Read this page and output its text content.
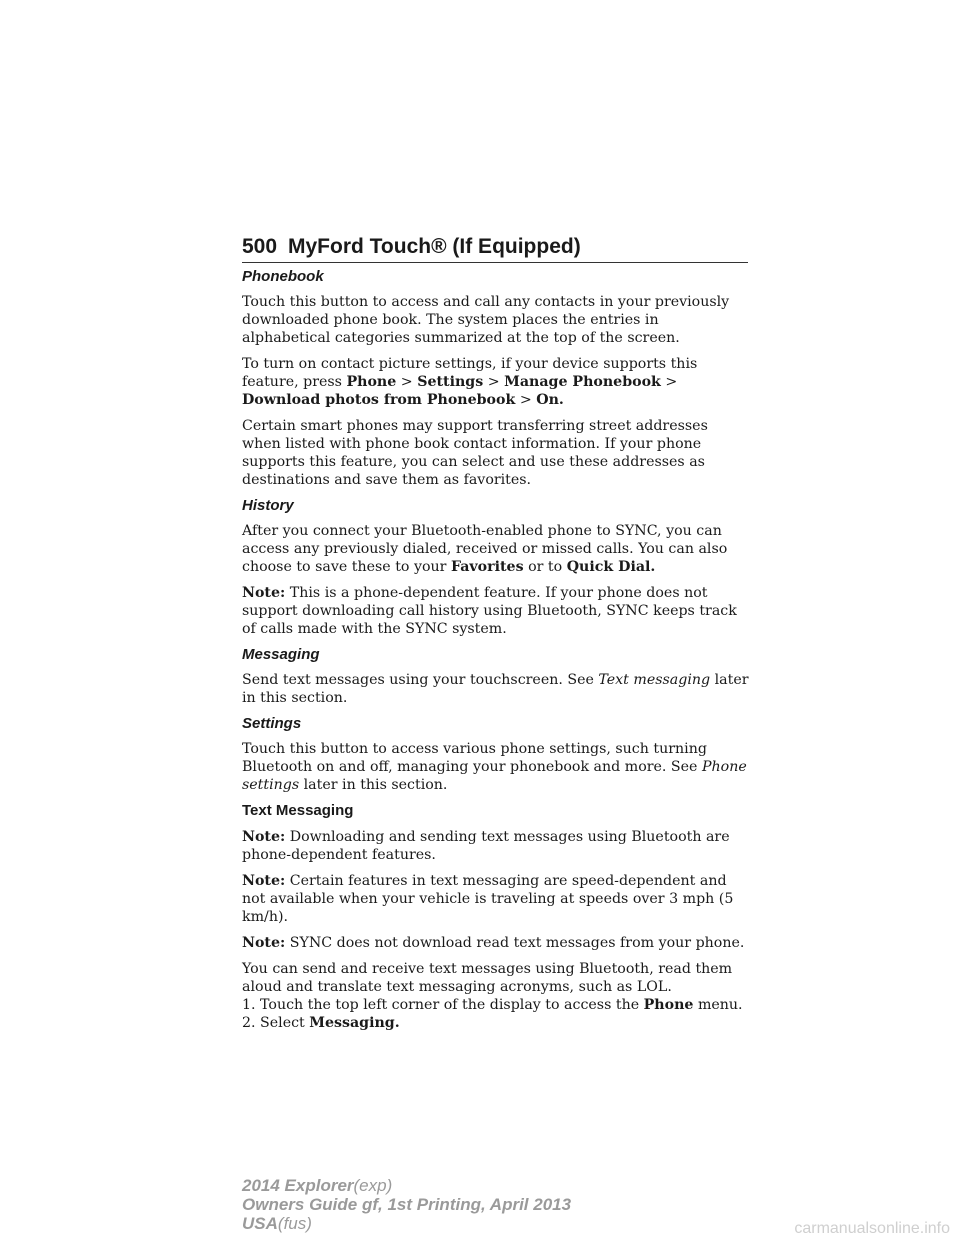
500 MyFord Touch® (If Equipped)
Phonebook

Touch this button to access and call any contacts in your previously downloaded phone book. The system places the entries in alphabetical categories summarized at the top of the screen.

To turn on contact picture settings, if your device supports this feature, press Phone > Settings > Manage Phonebook > Download photos from Phonebook > On.

Certain smart phones may support transferring street addresses when listed with phone book contact information. If your phone supports this feature, you can select and use these addresses as destinations and save them as favorites.

History

After you connect your Bluetooth-enabled phone to SYNC, you can access any previously dialed, received or missed calls. You can also choose to save these to your Favorites or to Quick Dial.

Note: This is a phone-dependent feature. If your phone does not support downloading call history using Bluetooth, SYNC keeps track of calls made with the SYNC system.

Messaging

Send text messages using your touchscreen. See Text messaging later in this section.

Settings

Touch this button to access various phone settings, such turning Bluetooth on and off, managing your phonebook and more. See Phone settings later in this section.

Text Messaging

Note: Downloading and sending text messages using Bluetooth are phone-dependent features.

Note: Certain features in text messaging are speed-dependent and not available when your vehicle is traveling at speeds over 3 mph (5 km/h).

Note: SYNC does not download read text messages from your phone.

You can send and receive text messages using Bluetooth, read them aloud and translate text messaging acronyms, such as LOL.
1. Touch the top left corner of the display to access the Phone menu.
2. Select Messaging.
2014 Explorer(exp)
Owners Guide gf, 1st Printing, April 2013
USA(fus)	carmanualsonline.info
